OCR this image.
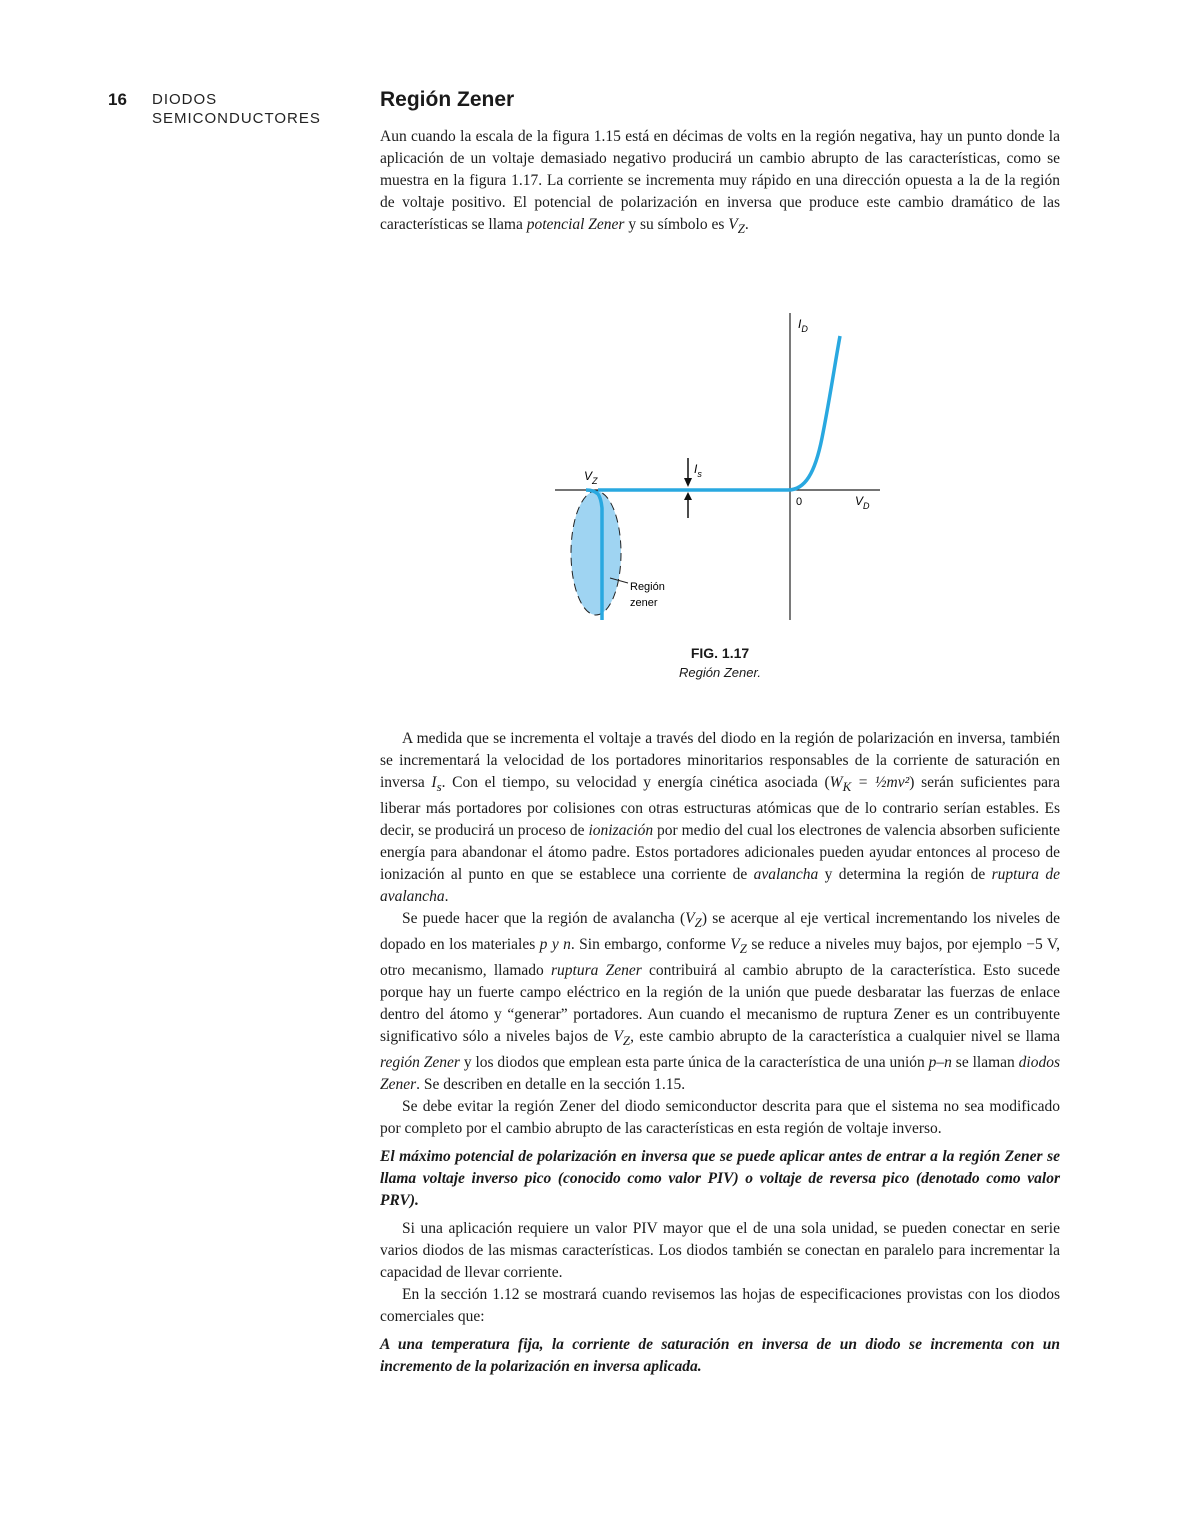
16 DIODOS
SEMICONDUCTORES
Región Zener

Aun cuando la escala de la figura 1.15 está en décimas de volts en la región negativa, hay un punto donde la aplicación de un voltaje demasiado negativo producirá un cambio abrupto de las características, como se muestra en la figura 1.17. La corriente se incrementa muy rápido en una dirección opuesta a la de la región de voltaje positivo. El potencial de polarización en inversa que produce este cambio dramático de las características se llama potencial Zener y su símbolo es $V_Z$.

$I_D$
$V_D$
$V_Z$
$I_s$
0
Región
zener
FIG. 1.17
Región Zener.

A medida que se incrementa el voltaje a través del diodo en la región de polarización en inversa, también se incrementará la velocidad de los portadores minoritarios responsables de la corriente de saturación en inversa $I_s$. Con el tiempo, su velocidad y energía cinética asociada ($W_K$ = ½mv²) serán suficientes para liberar más portadores por colisiones con otras estructuras atómicas que de lo contrario serían estables. Es decir, se producirá un proceso de ionización por medio del cual los electrones de valencia absorben suficiente energía para abandonar el átomo padre. Estos portadores adicionales pueden ayudar entonces al proceso de ionización al punto en que se establece una corriente de avalancha y determina la región de ruptura de avalancha.

Se puede hacer que la región de avalancha $(V_Z)$ se acerque al eje vertical incrementando los niveles de dopado en los materiales p y n. Sin embargo, conforme $V_Z$ se reduce a niveles muy bajos, por ejemplo −5 V, otro mecanismo, llamado ruptura Zener contribuirá al cambio abrupto de la característica. Esto sucede porque hay un fuerte campo eléctrico en la región de la unión que puede desbaratar las fuerzas de enlace dentro del átomo y “generar” portadores. Aun cuando el mecanismo de ruptura Zener es un contribuyente significativo sólo a niveles bajos de $V_Z$, este cambio abrupto de la característica a cualquier nivel se llama región Zener y los diodos que emplean esta parte única de la característica de una unión p–n se llaman diodos Zener. Se describen en detalle en la sección 1.15.

Se debe evitar la región Zener del diodo semiconductor descrita para que el sistema no sea modificado por completo por el cambio abrupto de las características en esta región de voltaje inverso.

El máximo potencial de polarización en inversa que se puede aplicar antes de entrar a la región Zener se llama voltaje inverso pico (conocido como valor PIV) o voltaje de reversa pico (denotado como valor PRV).

Si una aplicación requiere un valor PIV mayor que el de una sola unidad, se pueden conectar en serie varios diodos de las mismas características. Los diodos también se conectan en paralelo para incrementar la capacidad de llevar corriente.

En la sección 1.12 se mostrará cuando revisemos las hojas de especificaciones provistas con los diodos comerciales que:

A una temperatura fija, la corriente de saturación en inversa de un diodo se incrementa con un incremento de la polarización en inversa aplicada.
